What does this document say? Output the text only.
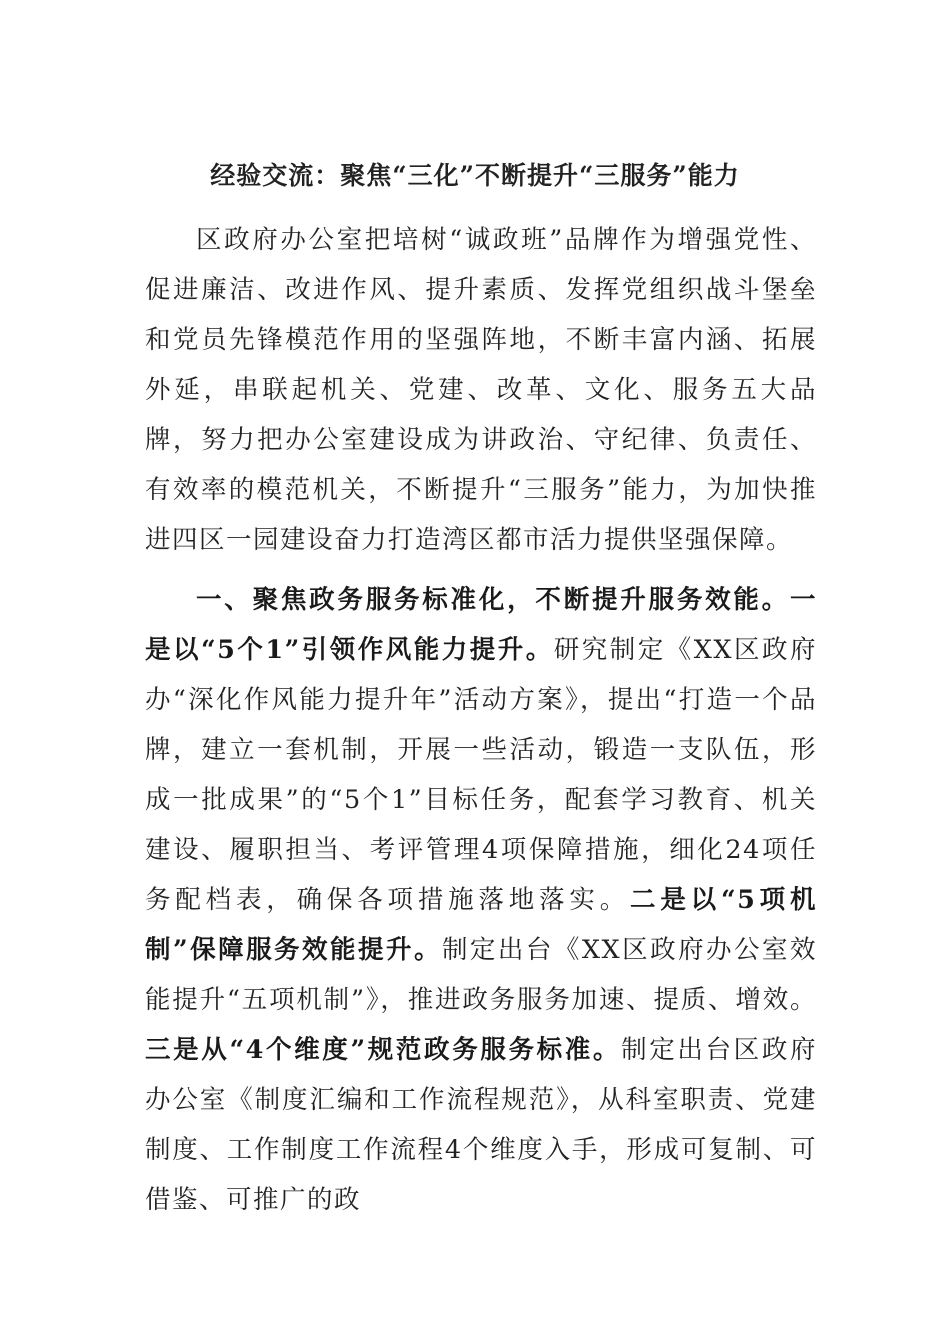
经验交流：聚焦“三化”不断提升“三服务”能力

区政府办公室把培树“诚政班”品牌作为增强党性、促进廉洁、改进作风、提升素质、发挥党组织战斗堡垒和党员先锋模范作用的坚强阵地，不断丰富内涵、拓展外延，串联起机关、党建、改革、文化、服务五大品牌，努力把办公室建设成为讲政治、守纪律、负责任、有效率的模范机关，不断提升“三服务”能力，为加快推进四区一园建设奋力打造湾区都市活力提供坚强保障。

一、聚焦政务服务标准化，不断提升服务效能。一是以“5个1”引领作风能力提升。研究制定《XX区政府办“深化作风能力提升年”活动方案》，提出“打造一个品牌，建立一套机制，开展一些活动，锻造一支队伍，形成一批成果”的“5个1”目标任务，配套学习教育、机关建设、履职担当、考评管理4项保障措施，细化24项任务配档表，确保各项措施落地落实。二是以“5项机制”保障服务效能提升。制定出台《XX区政府办公室效能提升“五项机制”》，推进政务服务加速、提质、增效。三是从“4个维度”规范政务服务标准。制定出台区政府办公室《制度汇编和工作流程规范》，从科室职责、党建制度、工作制度工作流程4个维度入手，形成可复制、可借鉴、可推广的政
